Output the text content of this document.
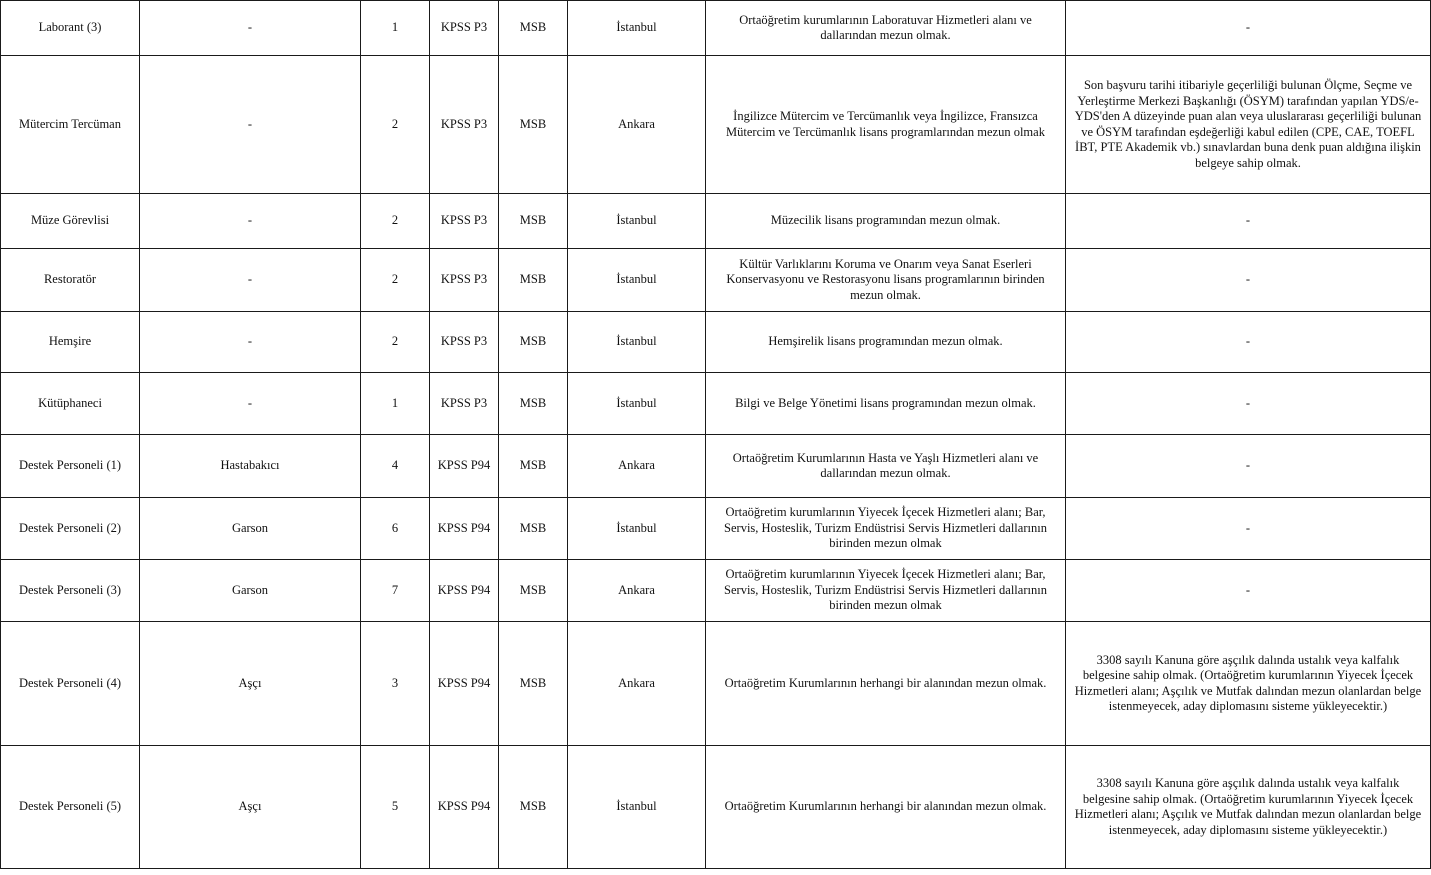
Laborant (3)	-	1	KPSS P3	MSB	İstanbul	Ortaöğretim kurumlarının Laboratuvar Hizmetleri alanı ve dallarından mezun olmak.	-
Mütercim Tercüman	-	2	KPSS P3	MSB	Ankara	İngilizce Mütercim ve Tercümanlık veya İngilizce, Fransızca Mütercim ve Tercümanlık lisans programlarından mezun olmak	Son başvuru tarihi itibariyle geçerliliği bulunan Ölçme, Seçme ve Yerleştirme Merkezi Başkanlığı (ÖSYM) tarafından yapılan YDS/e-YDS'den A düzeyinde puan alan veya uluslararası geçerliliği bulunan ve ÖSYM tarafından eşdeğerliği kabul edilen (CPE, CAE, TOEFL İBT, PTE Akademik vb.) sınavlardan buna denk puan aldığına ilişkin belgeye sahip olmak.
Müze Görevlisi	-	2	KPSS P3	MSB	İstanbul	Müzecilik lisans programından mezun olmak.	-
Restoratör	-	2	KPSS P3	MSB	İstanbul	Kültür Varlıklarını Koruma ve Onarım veya Sanat Eserleri Konservasyonu ve Restorasyonu lisans programlarının birinden mezun olmak.	-
Hemşire	-	2	KPSS P3	MSB	İstanbul	Hemşirelik lisans programından mezun olmak.	-
Kütüphaneci	-	1	KPSS P3	MSB	İstanbul	Bilgi ve Belge Yönetimi lisans programından mezun olmak.	-
Destek Personeli (1)	Hastabakıcı	4	KPSS P94	MSB	Ankara	Ortaöğretim Kurumlarının Hasta ve Yaşlı Hizmetleri alanı ve dallarından mezun olmak.	-
Destek Personeli (2)	Garson	6	KPSS P94	MSB	İstanbul	Ortaöğretim kurumlarının Yiyecek İçecek Hizmetleri alanı; Bar, Servis, Hosteslik, Turizm Endüstrisi Servis Hizmetleri dallarının birinden mezun olmak	-
Destek Personeli (3)	Garson	7	KPSS P94	MSB	Ankara	Ortaöğretim kurumlarının Yiyecek İçecek Hizmetleri alanı; Bar, Servis, Hosteslik, Turizm Endüstrisi Servis Hizmetleri dallarının birinden mezun olmak	-
Destek Personeli (4)	Aşçı	3	KPSS P94	MSB	Ankara	Ortaöğretim Kurumlarının herhangi bir alanından mezun olmak.	3308 sayılı Kanuna göre aşçılık dalında ustalık veya kalfalık belgesine sahip olmak. (Ortaöğretim kurumlarının Yiyecek İçecek Hizmetleri alanı; Aşçılık ve Mutfak dalından mezun olanlardan belge istenmeyecek, aday diplomasını sisteme yükleyecektir.)
Destek Personeli (5)	Aşçı	5	KPSS P94	MSB	İstanbul	Ortaöğretim Kurumlarının herhangi bir alanından mezun olmak.	3308 sayılı Kanuna göre aşçılık dalında ustalık veya kalfalık belgesine sahip olmak. (Ortaöğretim kurumlarının Yiyecek İçecek Hizmetleri alanı; Aşçılık ve Mutfak dalından mezun olanlardan belge istenmeyecek, aday diplomasını sisteme yükleyecektir.)
